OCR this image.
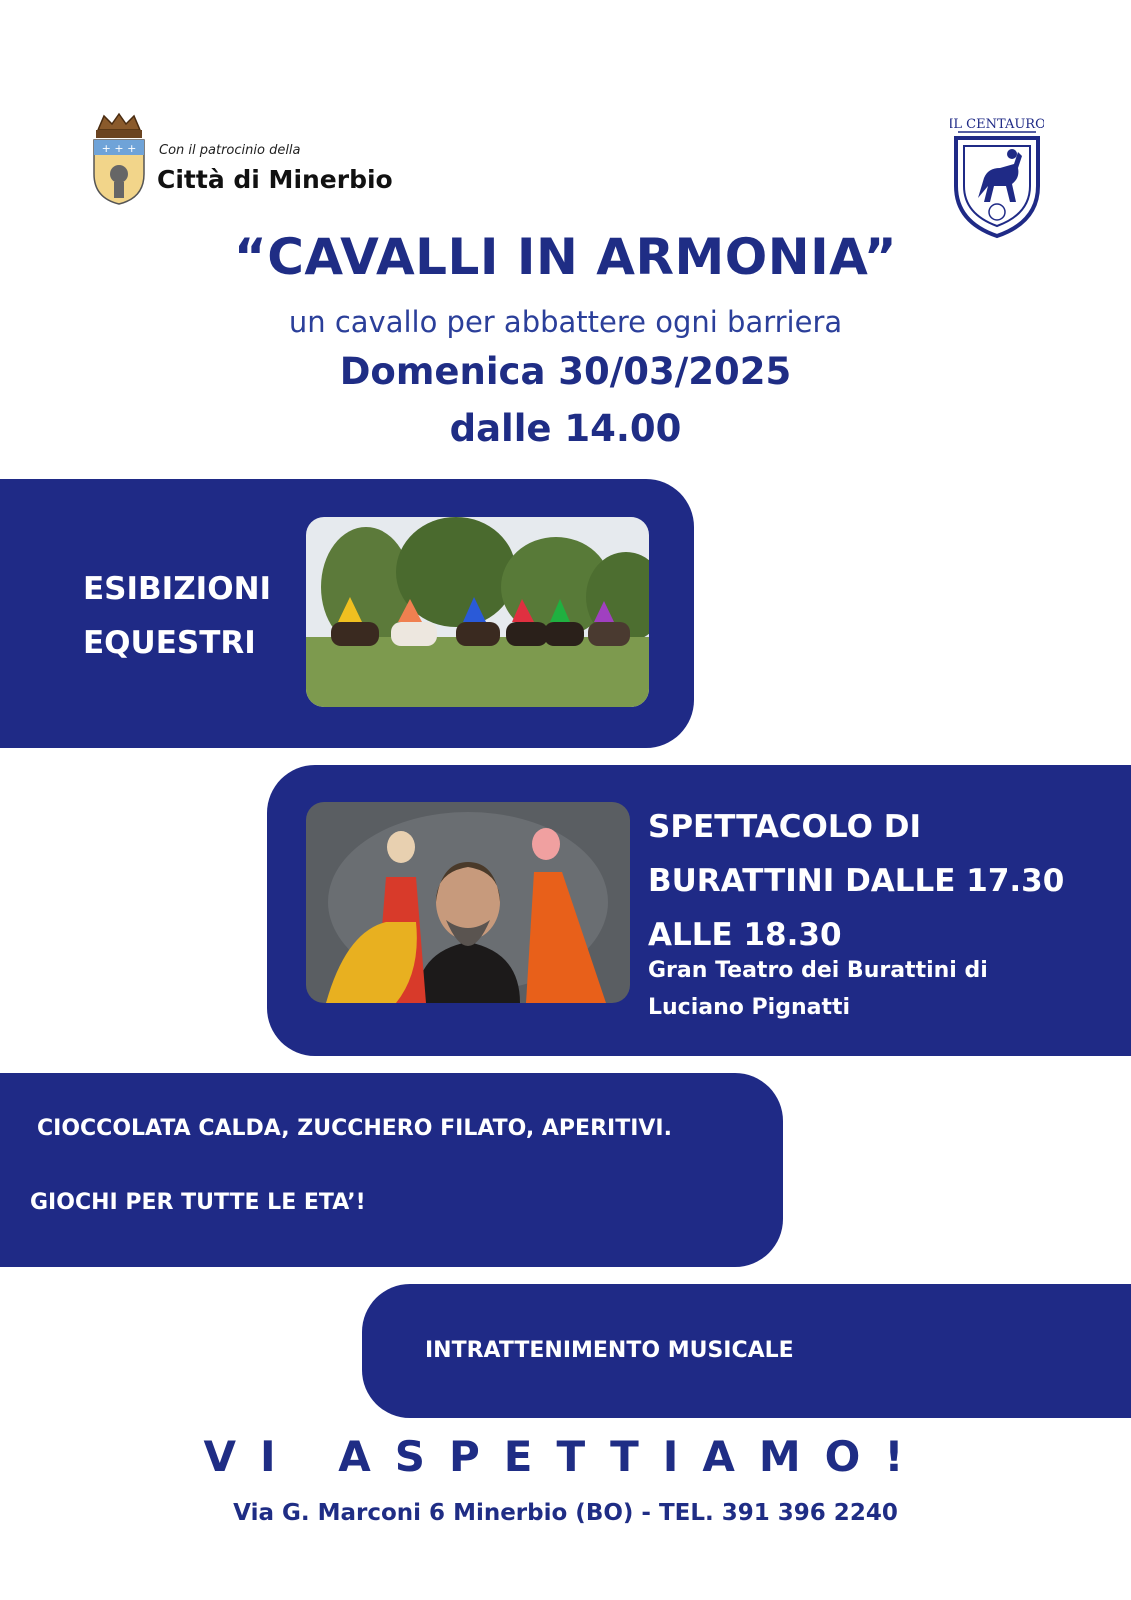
+ + + Con il patrocinio della
Città di Minerbio
IL CENTAURO
“CAVALLI IN ARMONIA”
un cavallo per abbattere ogni barriera
Domenica 30/03/2025
dalle 14.00
ESIBIZIONI
EQUESTRI
SPETTACOLO DI
BURATTINI DALLE 17.30
ALLE 18.30
Gran Teatro dei Burattini di
Luciano Pignatti
CIOCCOLATA CALDA, ZUCCHERO FILATO, APERITIVI.
GIOCHI PER TUTTE LE ETA’!
INTRATTENIMENTO MUSICALE
VI ASPETTIAMO!
Via G. Marconi 6 Minerbio (BO) - TEL. 391 396 2240
